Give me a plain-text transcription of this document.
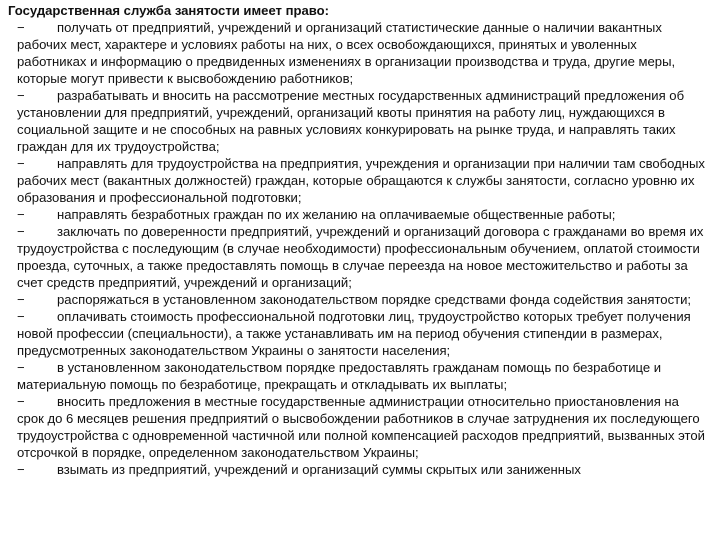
Государственная служба занятости имеет право:
− получать от предприятий, учреждений и организаций статистические данные о наличии вакантных рабочих мест, характере и условиях работы на них, о всех освобождающихся, принятых и уволенных работниках и информацию о предвиденных изменениях в организации производства и труда, другие меры, которые могут привести к высвобождению работников;
− разрабатывать и вносить на рассмотрение местных государственных администраций предложения об установлении для предприятий, учреждений, организаций квоты принятия на работу лиц, нуждающихся в социальной защите и не способных на равных условиях конкурировать на рынке труда, и направлять таких граждан для их трудоустройства;
− направлять для трудоустройства на предприятия, учреждения и организации при наличии там свободных рабочих мест (вакантных должностей) граждан, которые обращаются к службы занятости, согласно уровню их образования и профессиональной подготовки;
− направлять безработных граждан по их желанию на оплачиваемые общественные работы;
− заключать по доверенности предприятий, учреждений и организаций договора с гражданами во время их трудоустройства с последующим (в случае необходимости) профессиональным обучением, оплатой стоимости проезда, суточных, а также предоставлять помощь в случае переезда на новое местожительство и работы за счет средств предприятий, учреждений и организаций;
− распоряжаться в установленном законодательством порядке средствами фонда содействия занятости;
− оплачивать стоимость профессиональной подготовки лиц, трудоустройство которых требует получения новой профессии (специальности), а также устанавливать им на период обучения стипендии в размерах, предусмотренных законодательством Украины о занятости населения;
− в установленном законодательством порядке предоставлять гражданам помощь по безработице и материальную помощь по безработице, прекращать и откладывать их выплаты;
− вносить предложения в местные государственные администрации относительно приостановления на срок до 6 месяцев решения предприятий о высвобождении работников в случае затруднения их последующего трудоустройства с одновременной частичной или полной компенсацией расходов предприятий, вызванных этой отсрочкой в порядке, определенном законодательством Украины;
− взымать из предприятий, учреждений и организаций суммы скрытых или заниженных
